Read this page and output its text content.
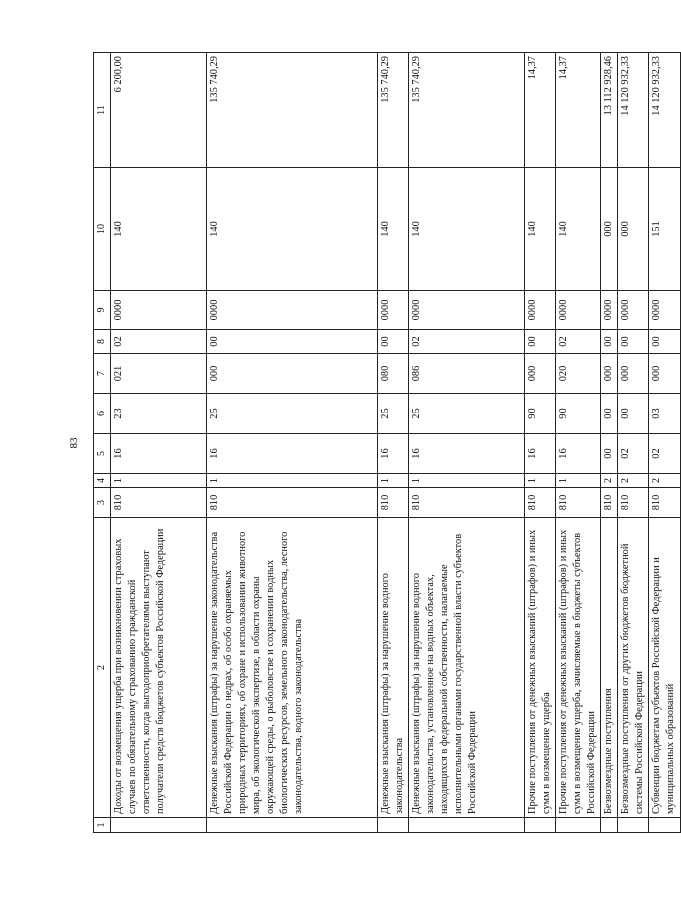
83
1	2	3	4	5	6	7	8	9	10	11
	Доходы от возмещения ущерба при возникновении страховых случаев по обязательному страхованию гражданской ответственности, когда выгодоприобретателями выступают получатели средств бюджетов субъектов Российской Федерации	810	1	16	23	021	02	0000	140	6 200,00
	Денежные взыскания (штрафы) за нарушение законодательства Российской Федерации о недрах, об особо охраняемых природных территориях, об охране и использовании животного мира, об экологической экспертизе, в области охраны окружающей среды, о рыболовстве и сохранении водных биологических ресурсов, земельного законодательства, лесного законодательства, водного законодательства	810	1	16	25	000	00	0000	140	135 740,29
	Денежные взыскания (штрафы) за нарушение водного законодательства	810	1	16	25	080	00	0000	140	135 740,29
	Денежные взыскания (штрафы) за нарушение водного законодательства, установленное на водных объектах, находящихся в федеральной собственности, налагаемые исполнительными органами государственной власти субъектов Российской Федерации	810	1	16	25	086	02	0000	140	135 740,29
	Прочие поступления от денежных взысканий (штрафов) и иных сумм в возмещение ущерба	810	1	16	90	000	00	0000	140	14,37
	Прочие поступления от денежных взысканий (штрафов) и иных сумм в возмещение ущерба, зачисляемые в бюджеты субъектов Российской Федерации	810	1	16	90	020	02	0000	140	14,37
	Безвозмездные поступления	810	2	00	00	000	00	0000	000	13 112 928,46
	Безвозмездные поступления от других бюджетов бюджетной системы Российской Федерации	810	2	02	00	000	00	0000	000	14 120 932,33
	Субвенции бюджетам субъектов Российской Федерации и муниципальных образований	810	2	02	03	000	00	0000	151	14 120 932,33
